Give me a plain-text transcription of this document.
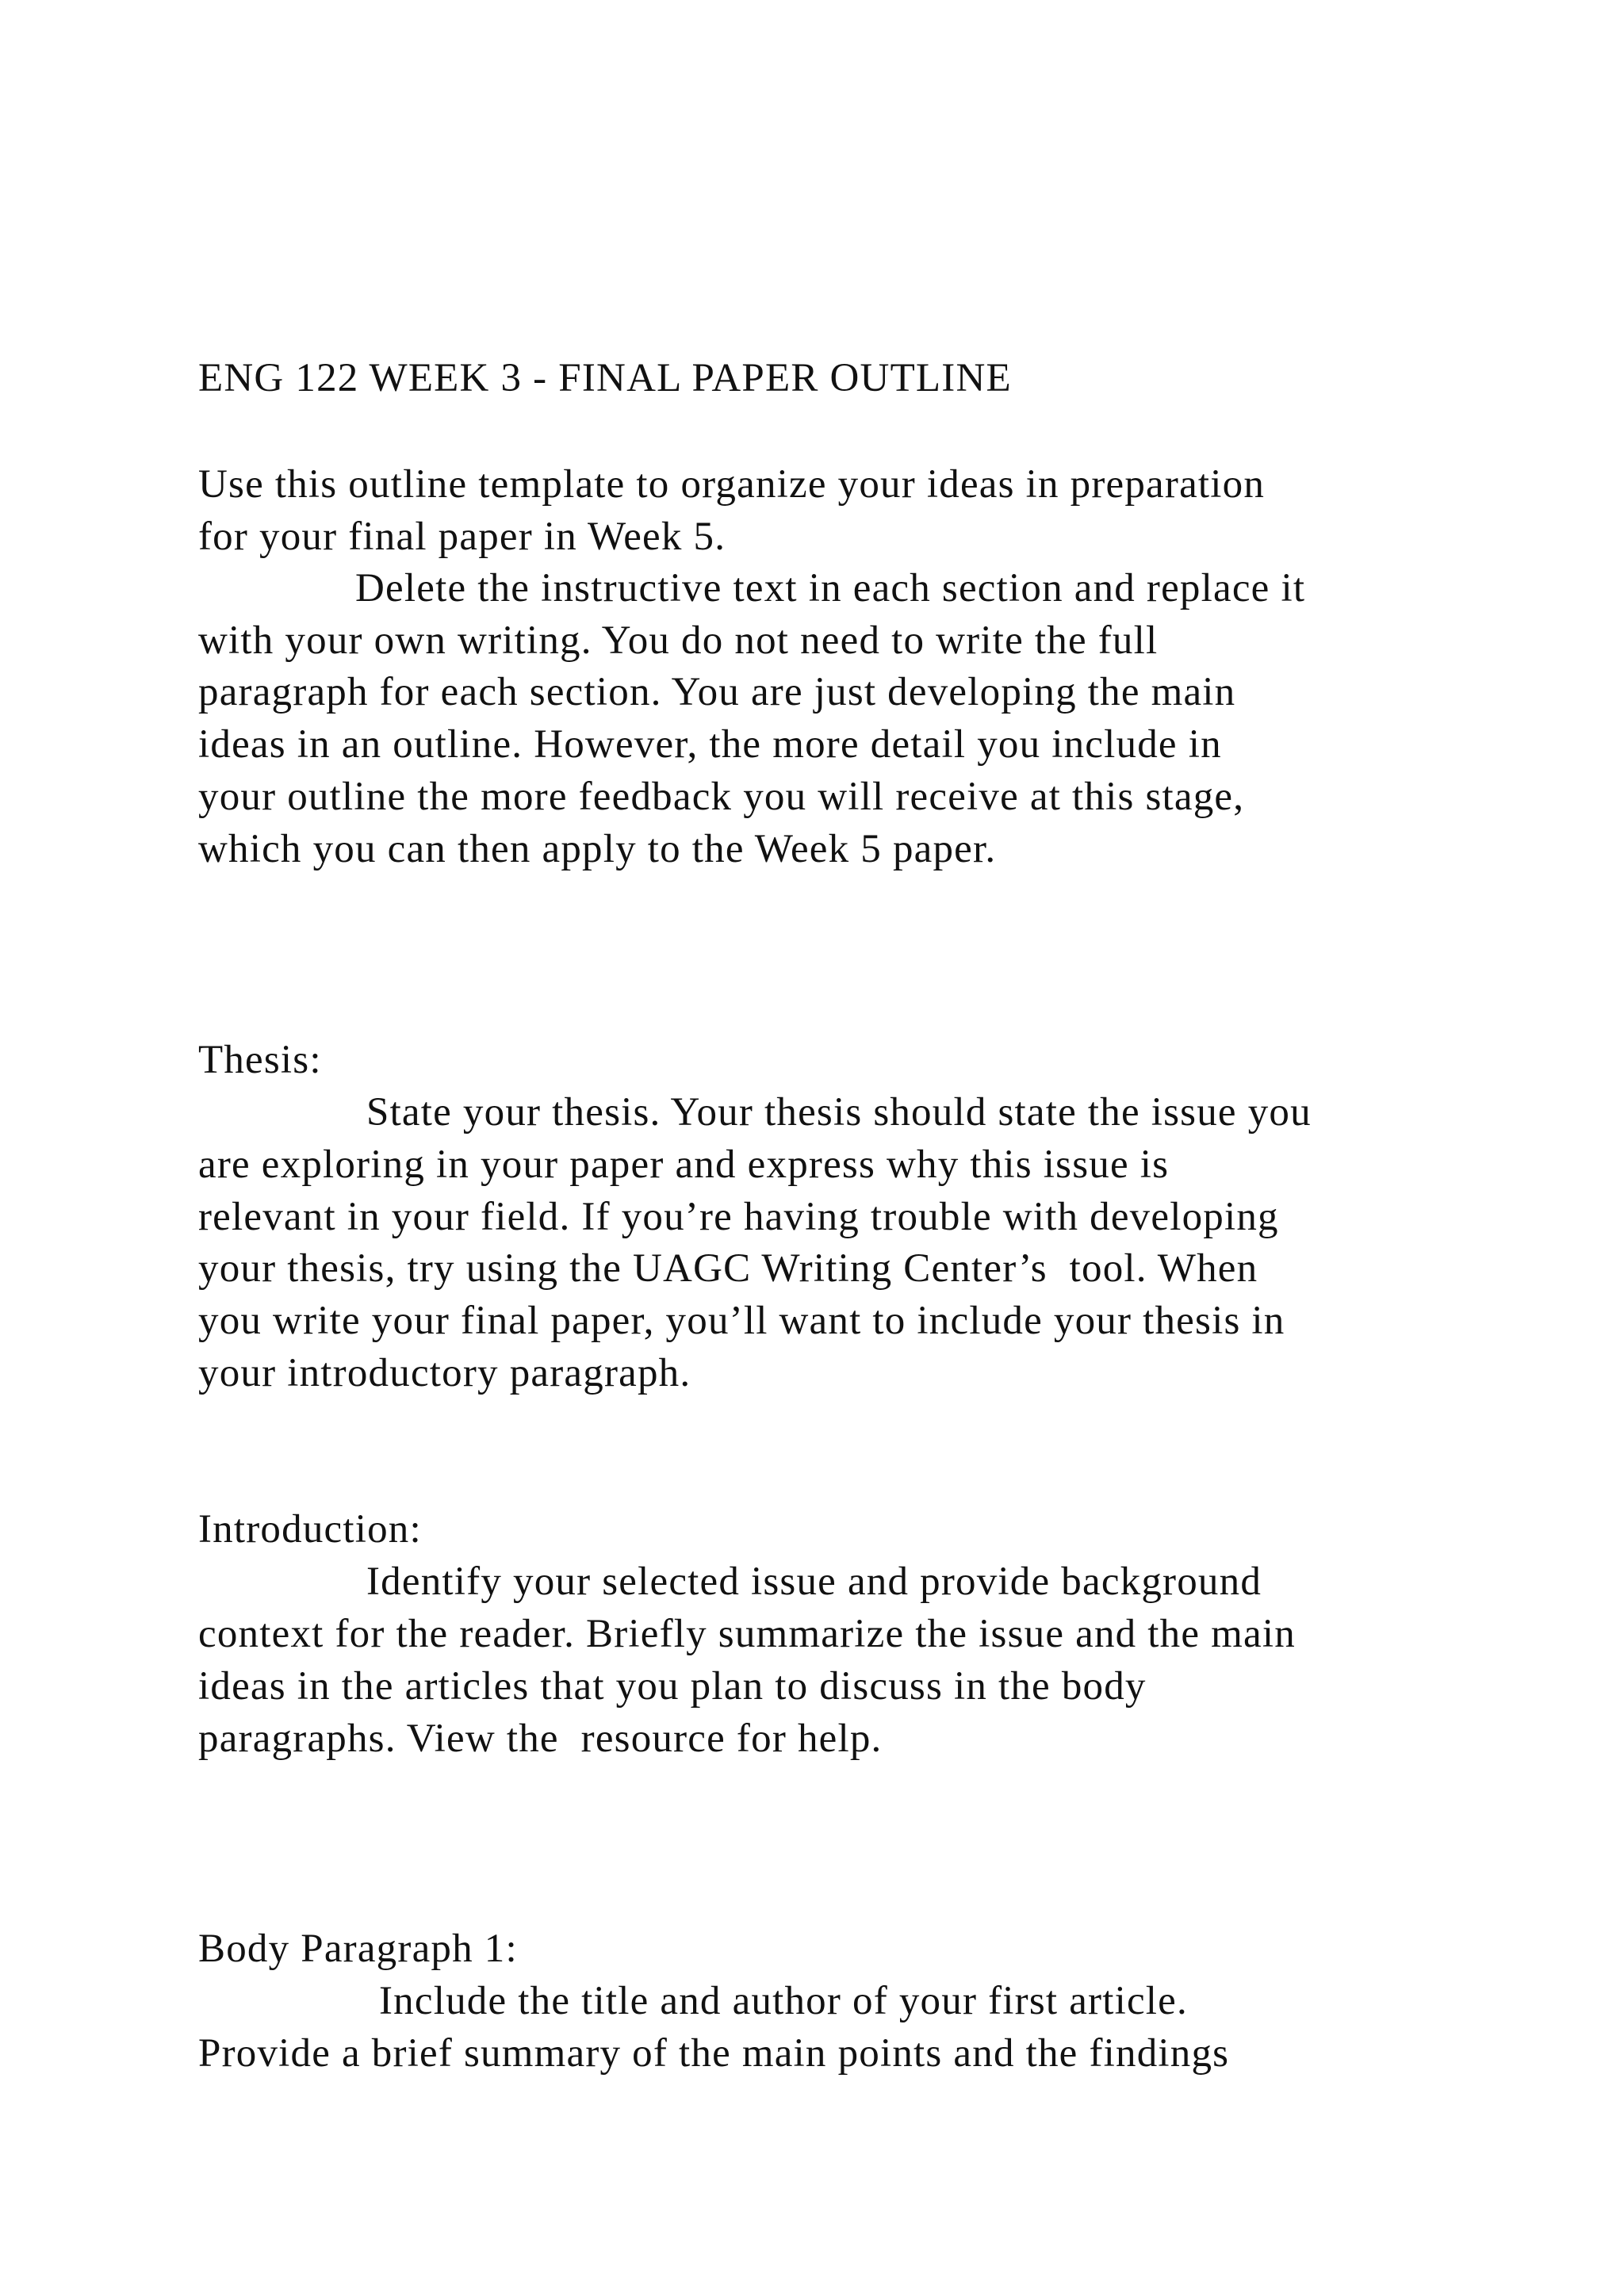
ENG 122 WEEK 3 - FINAL PAPER OUTLINE
Use this outline template to organize your ideas in preparation
for your final paper in Week 5.
Delete the instructive text in each section and replace it
with your own writing. You do not need to write the full
paragraph for each section. You are just developing the main
ideas in an outline. However, the more detail you include in
your outline the more feedback you will receive at this stage,
which you can then apply to the Week 5 paper.
Thesis:
State your thesis. Your thesis should state the issue you
are exploring in your paper and express why this issue is
relevant in your field. If you’re having trouble with developing
your thesis, try using the UAGC Writing Center’s  tool. When
you write your final paper, you’ll want to include your thesis in
your introductory paragraph.
Introduction:
Identify your selected issue and provide background
context for the reader. Briefly summarize the issue and the main
ideas in the articles that you plan to discuss in the body
paragraphs. View the  resource for help.
Body Paragraph 1:
Include the title and author of your first article.
Provide a brief summary of the main points and the findings
